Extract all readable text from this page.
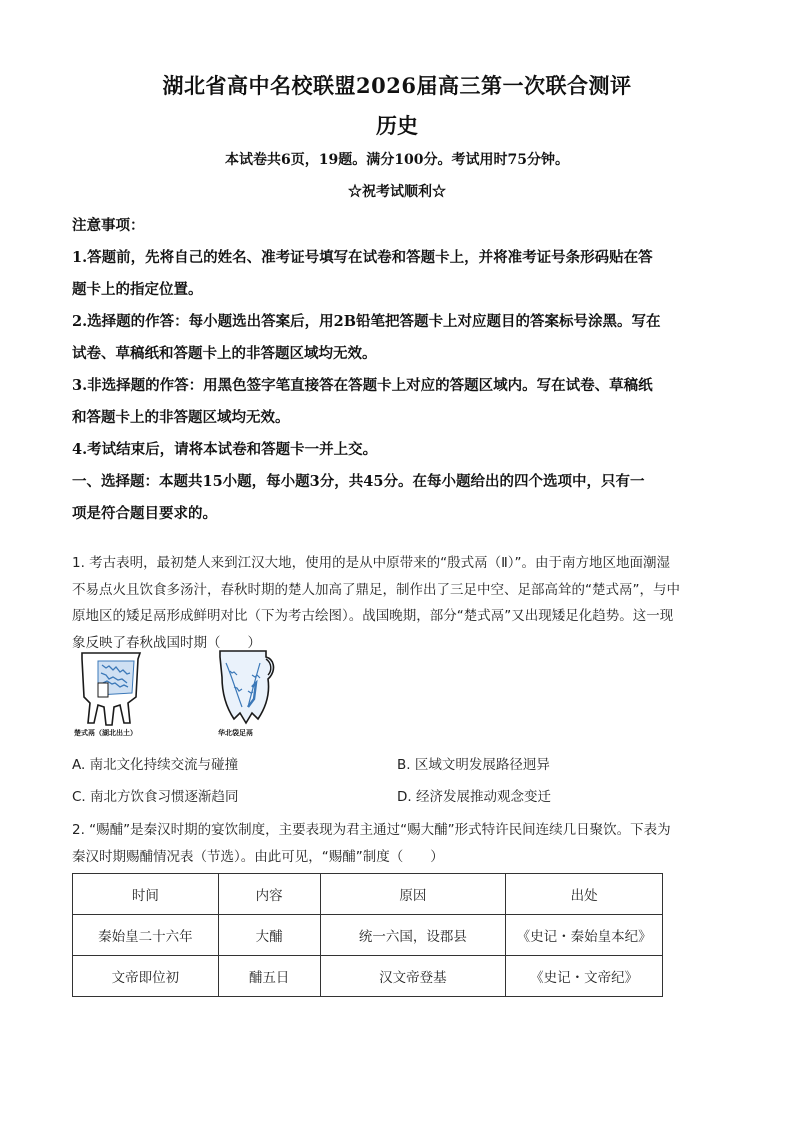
湖北省高中名校联盟2026届高三第一次联合测评
历史
本试卷共6页，19题。满分100分。考试用时75分钟。
☆祝考试顺利☆

注意事项：

1.答题前，先将自己的姓名、准考证号填写在试卷和答题卡上，并将准考证号条形码贴在答

题卡上的指定位置。

2.选择题的作答：每小题选出答案后，用2B铅笔把答题卡上对应题目的答案标号涂黑。写在

试卷、草稿纸和答题卡上的非答题区域均无效。

3.非选择题的作答：用黑色签字笔直接答在答题卡上对应的答题区域内。写在试卷、草稿纸

和答题卡上的非答题区域均无效。

4.考试结束后，请将本试卷和答题卡一并上交。

一、选择题：本题共15小题，每小题3分，共45分。在每小题给出的四个选项中，只有一

项是符合题目要求的。

1. 考古表明，最初楚人来到江汉大地，使用的是从中原带来的“殷式鬲（Ⅱ）”。由于南方地区地面潮湿

不易点火且饮食多汤汁，春秋时期的楚人加高了鼎足，制作出了三足中空、足部高耸的“楚式鬲”，与中

原地区的矮足鬲形成鲜明对比（下为考古绘图）。战国晚期，部分“楚式鬲”又出现矮足化趋势。这一现

象反映了春秋战国时期（　　）

楚式鬲（湖北出土）	华北袋足鬲
A. 南北文化持续交流与碰撞	B. 区域文明发展路径迥异
C. 南北方饮食习惯逐渐趋同	D. 经济发展推动观念变迁

2. “赐酺”是秦汉时期的宴饮制度，主要表现为君主通过“赐大酺”形式特许民间连续几日聚饮。下表为

秦汉时期赐酺情况表（节选）。由此可见，“赐酺”制度（　　）

时间	内容	原因	出处
秦始皇二十六年	大酺	统一六国，设郡县	《史记・秦始皇本纪》
文帝即位初	酺五日	汉文帝登基	《史记・文帝纪》
